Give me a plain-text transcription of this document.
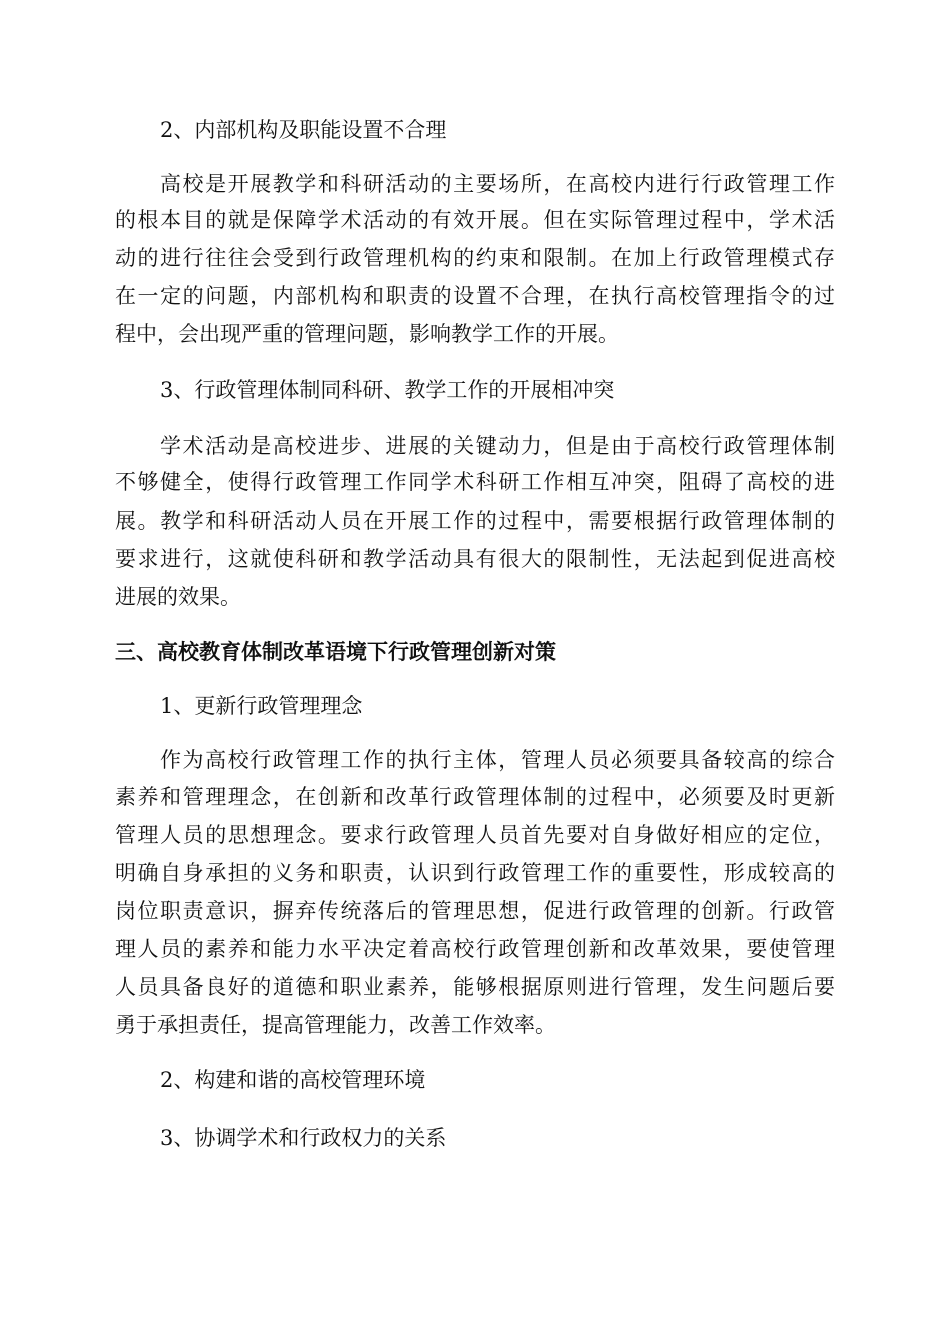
2、内部机构及职能设置不合理
高校是开展教学和科研活动的主要场所，在高校内进行行政管理工作
的根本目的就是保障学术活动的有效开展。但在实际管理过程中，学术活
动的进行往往会受到行政管理机构的约束和限制。在加上行政管理模式存
在一定的问题，内部机构和职责的设置不合理，在执行高校管理指令的过
程中，会出现严重的管理问题，影响教学工作的开展。
3、行政管理体制同科研、教学工作的开展相冲突
学术活动是高校进步、进展的关键动力，但是由于高校行政管理体制
不够健全，使得行政管理工作同学术科研工作相互冲突，阻碍了高校的进
展。教学和科研活动人员在开展工作的过程中，需要根据行政管理体制的
要求进行，这就使科研和教学活动具有很大的限制性，无法起到促进高校
进展的效果。
三、高校教育体制改革语境下行政管理创新对策
1、更新行政管理理念
作为高校行政管理工作的执行主体，管理人员必须要具备较高的综合
素养和管理理念，在创新和改革行政管理体制的过程中，必须要及时更新
管理人员的思想理念。要求行政管理人员首先要对自身做好相应的定位，
明确自身承担的义务和职责，认识到行政管理工作的重要性，形成较高的
岗位职责意识，摒弃传统落后的管理思想，促进行政管理的创新。行政管
理人员的素养和能力水平决定着高校行政管理创新和改革效果，要使管理
人员具备良好的道德和职业素养，能够根据原则进行管理，发生问题后要
勇于承担责任，提高管理能力，改善工作效率。
2、构建和谐的高校管理环境
3、协调学术和行政权力的关系
